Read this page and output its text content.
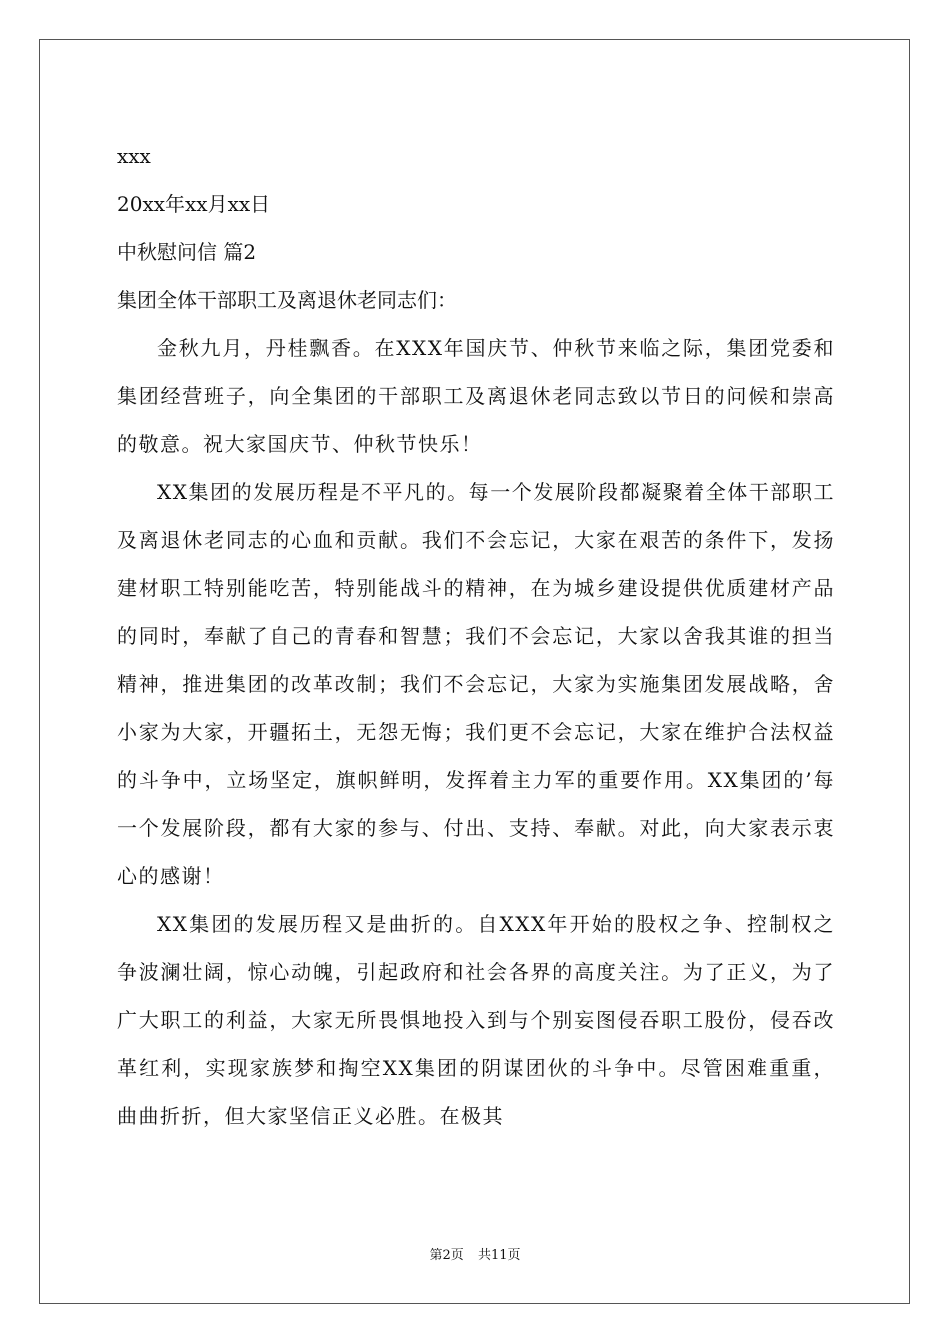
xxx

20xx年xx月xx日

中秋慰问信 篇2

集团全体干部职工及离退休老同志们：

金秋九月，丹桂飘香。在XXX年国庆节、仲秋节来临之际，集团党委和集团经营班子，向全集团的干部职工及离退休老同志致以节日的问候和崇高的敬意。祝大家国庆节、仲秋节快乐！

XX集团的发展历程是不平凡的。每一个发展阶段都凝聚着全体干部职工及离退休老同志的心血和贡献。我们不会忘记，大家在艰苦的条件下，发扬建材职工特别能吃苦，特别能战斗的精神，在为城乡建设提供优质建材产品的同时，奉献了自己的青春和智慧；我们不会忘记，大家以舍我其谁的担当精神，推进集团的改革改制；我们不会忘记，大家为实施集团发展战略，舍小家为大家，开疆拓土，无怨无悔；我们更不会忘记，大家在维护合法权益的斗争中，立场坚定，旗帜鲜明，发挥着主力军的重要作用。XX集团的’每一个发展阶段，都有大家的参与、付出、支持、奉献。对此，向大家表示衷心的感谢！

XX集团的发展历程又是曲折的。自XXX年开始的股权之争、控制权之争波澜壮阔，惊心动魄，引起政府和社会各界的高度关注。为了正义，为了广大职工的利益，大家无所畏惧地投入到与个别妄图侵吞职工股份，侵吞改革红利，实现家族梦和掏空XX集团的阴谋团伙的斗争中。尽管困难重重，曲曲折折，但大家坚信正义必胜。在极其

第2页 共11页
